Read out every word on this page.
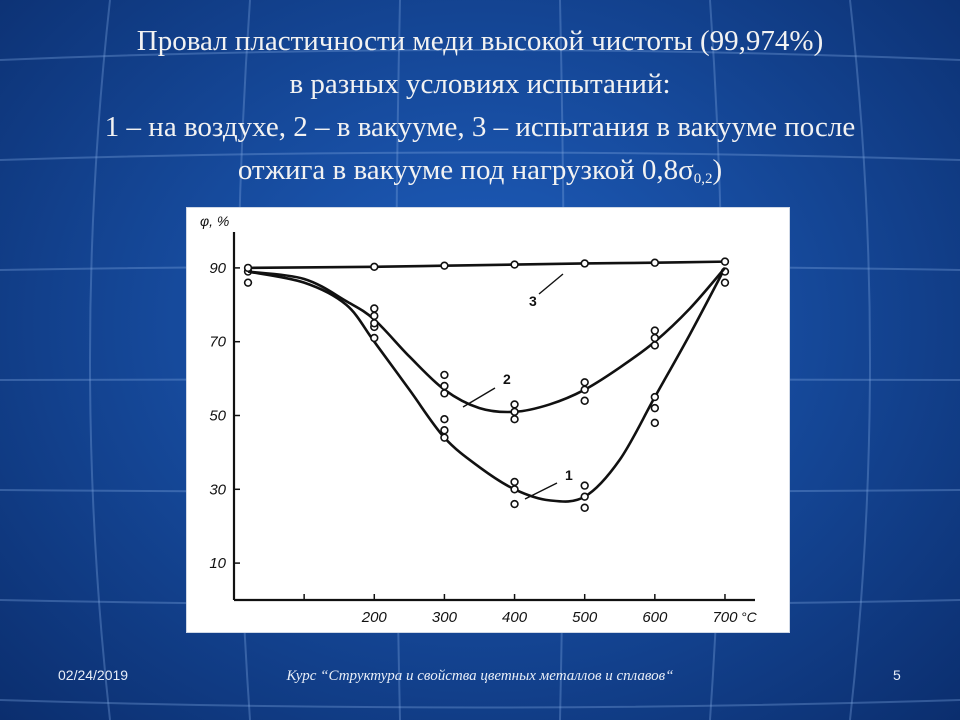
Провал пластичности меди высокой чистоты (99,974%)
в разных условиях испытаний:
1 – на воздухе, 2 – в вакууме, 3 – испытания в вакууме после
отжига в вакууме под нагрузкой $0,8\sigma_{0,2}$)
φ, %
°C
200	300	400	500	600	700
10
30
50
70
90
1
2
3
02/24/2019	Курс “Структура и свойства цветных металлов и сплавов“	5
